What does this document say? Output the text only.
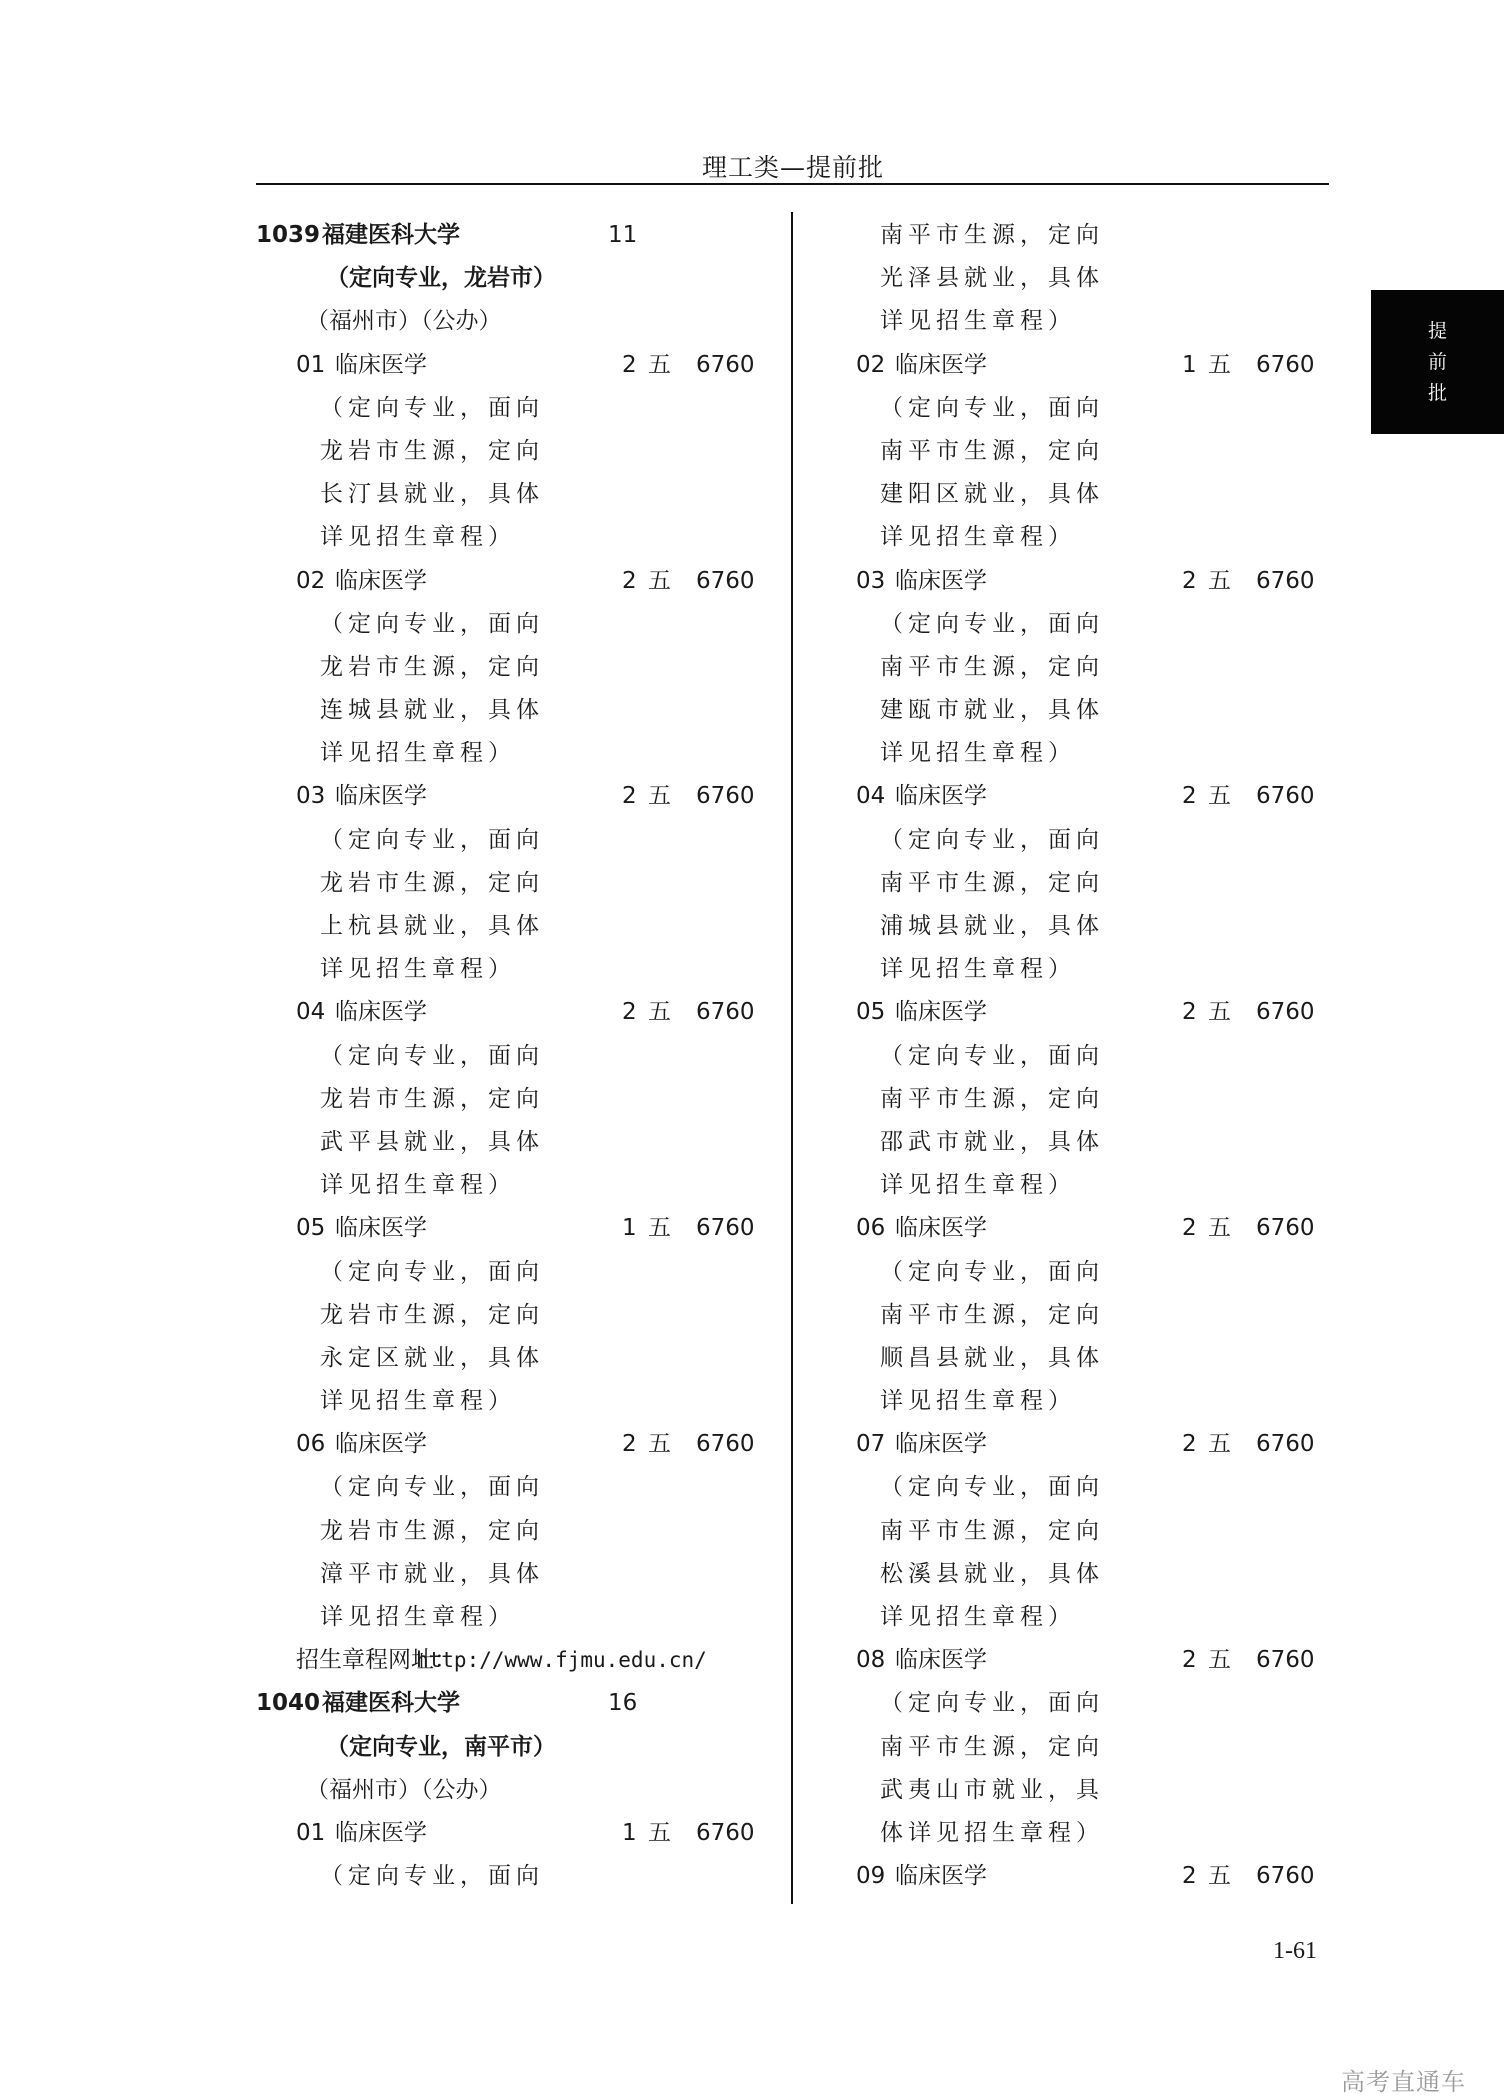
理工类—提前批
提
前
批
1039 福建医科大学	11
（定向专业，龙岩市）
（福州市）（公办）
01 临床医学	2 五 6760
（定向专业，面向
龙岩市生源，定向
长汀县就业，具体
详见招生章程）
02 临床医学	2 五 6760
（定向专业，面向
龙岩市生源，定向
连城县就业，具体
详见招生章程）
03 临床医学	2 五 6760
（定向专业，面向
龙岩市生源，定向
上杭县就业，具体
详见招生章程）
04 临床医学	2 五 6760
（定向专业，面向
龙岩市生源，定向
武平县就业，具体
详见招生章程）
05 临床医学	1 五 6760
（定向专业，面向
龙岩市生源，定向
永定区就业，具体
详见招生章程）
06 临床医学	2 五 6760
（定向专业，面向
龙岩市生源，定向
漳平市就业，具体
详见招生章程）
招生章程网址：
http://www.fjmu.edu.cn/
1040 福建医科大学	16
（定向专业，南平市）
（福州市）（公办）
01 临床医学	1 五 6760
（定向专业，面向
南平市生源，定向
光泽县就业，具体
详见招生章程）
02 临床医学	1 五 6760
（定向专业，面向
南平市生源，定向
建阳区就业，具体
详见招生章程）
03 临床医学	2 五 6760
（定向专业，面向
南平市生源，定向
建瓯市就业，具体
详见招生章程）
04 临床医学	2 五 6760
（定向专业，面向
南平市生源，定向
浦城县就业，具体
详见招生章程）
05 临床医学	2 五 6760
（定向专业，面向
南平市生源，定向
邵武市就业，具体
详见招生章程）
06 临床医学	2 五 6760
（定向专业，面向
南平市生源，定向
顺昌县就业，具体
详见招生章程）
07 临床医学	2 五 6760
（定向专业，面向
南平市生源，定向
松溪县就业，具体
详见招生章程）
08 临床医学	2 五 6760
（定向专业，面向
南平市生源，定向
武夷山市就业，具
体详见招生章程）
09 临床医学	2 五 6760
1-61
高考直通车
